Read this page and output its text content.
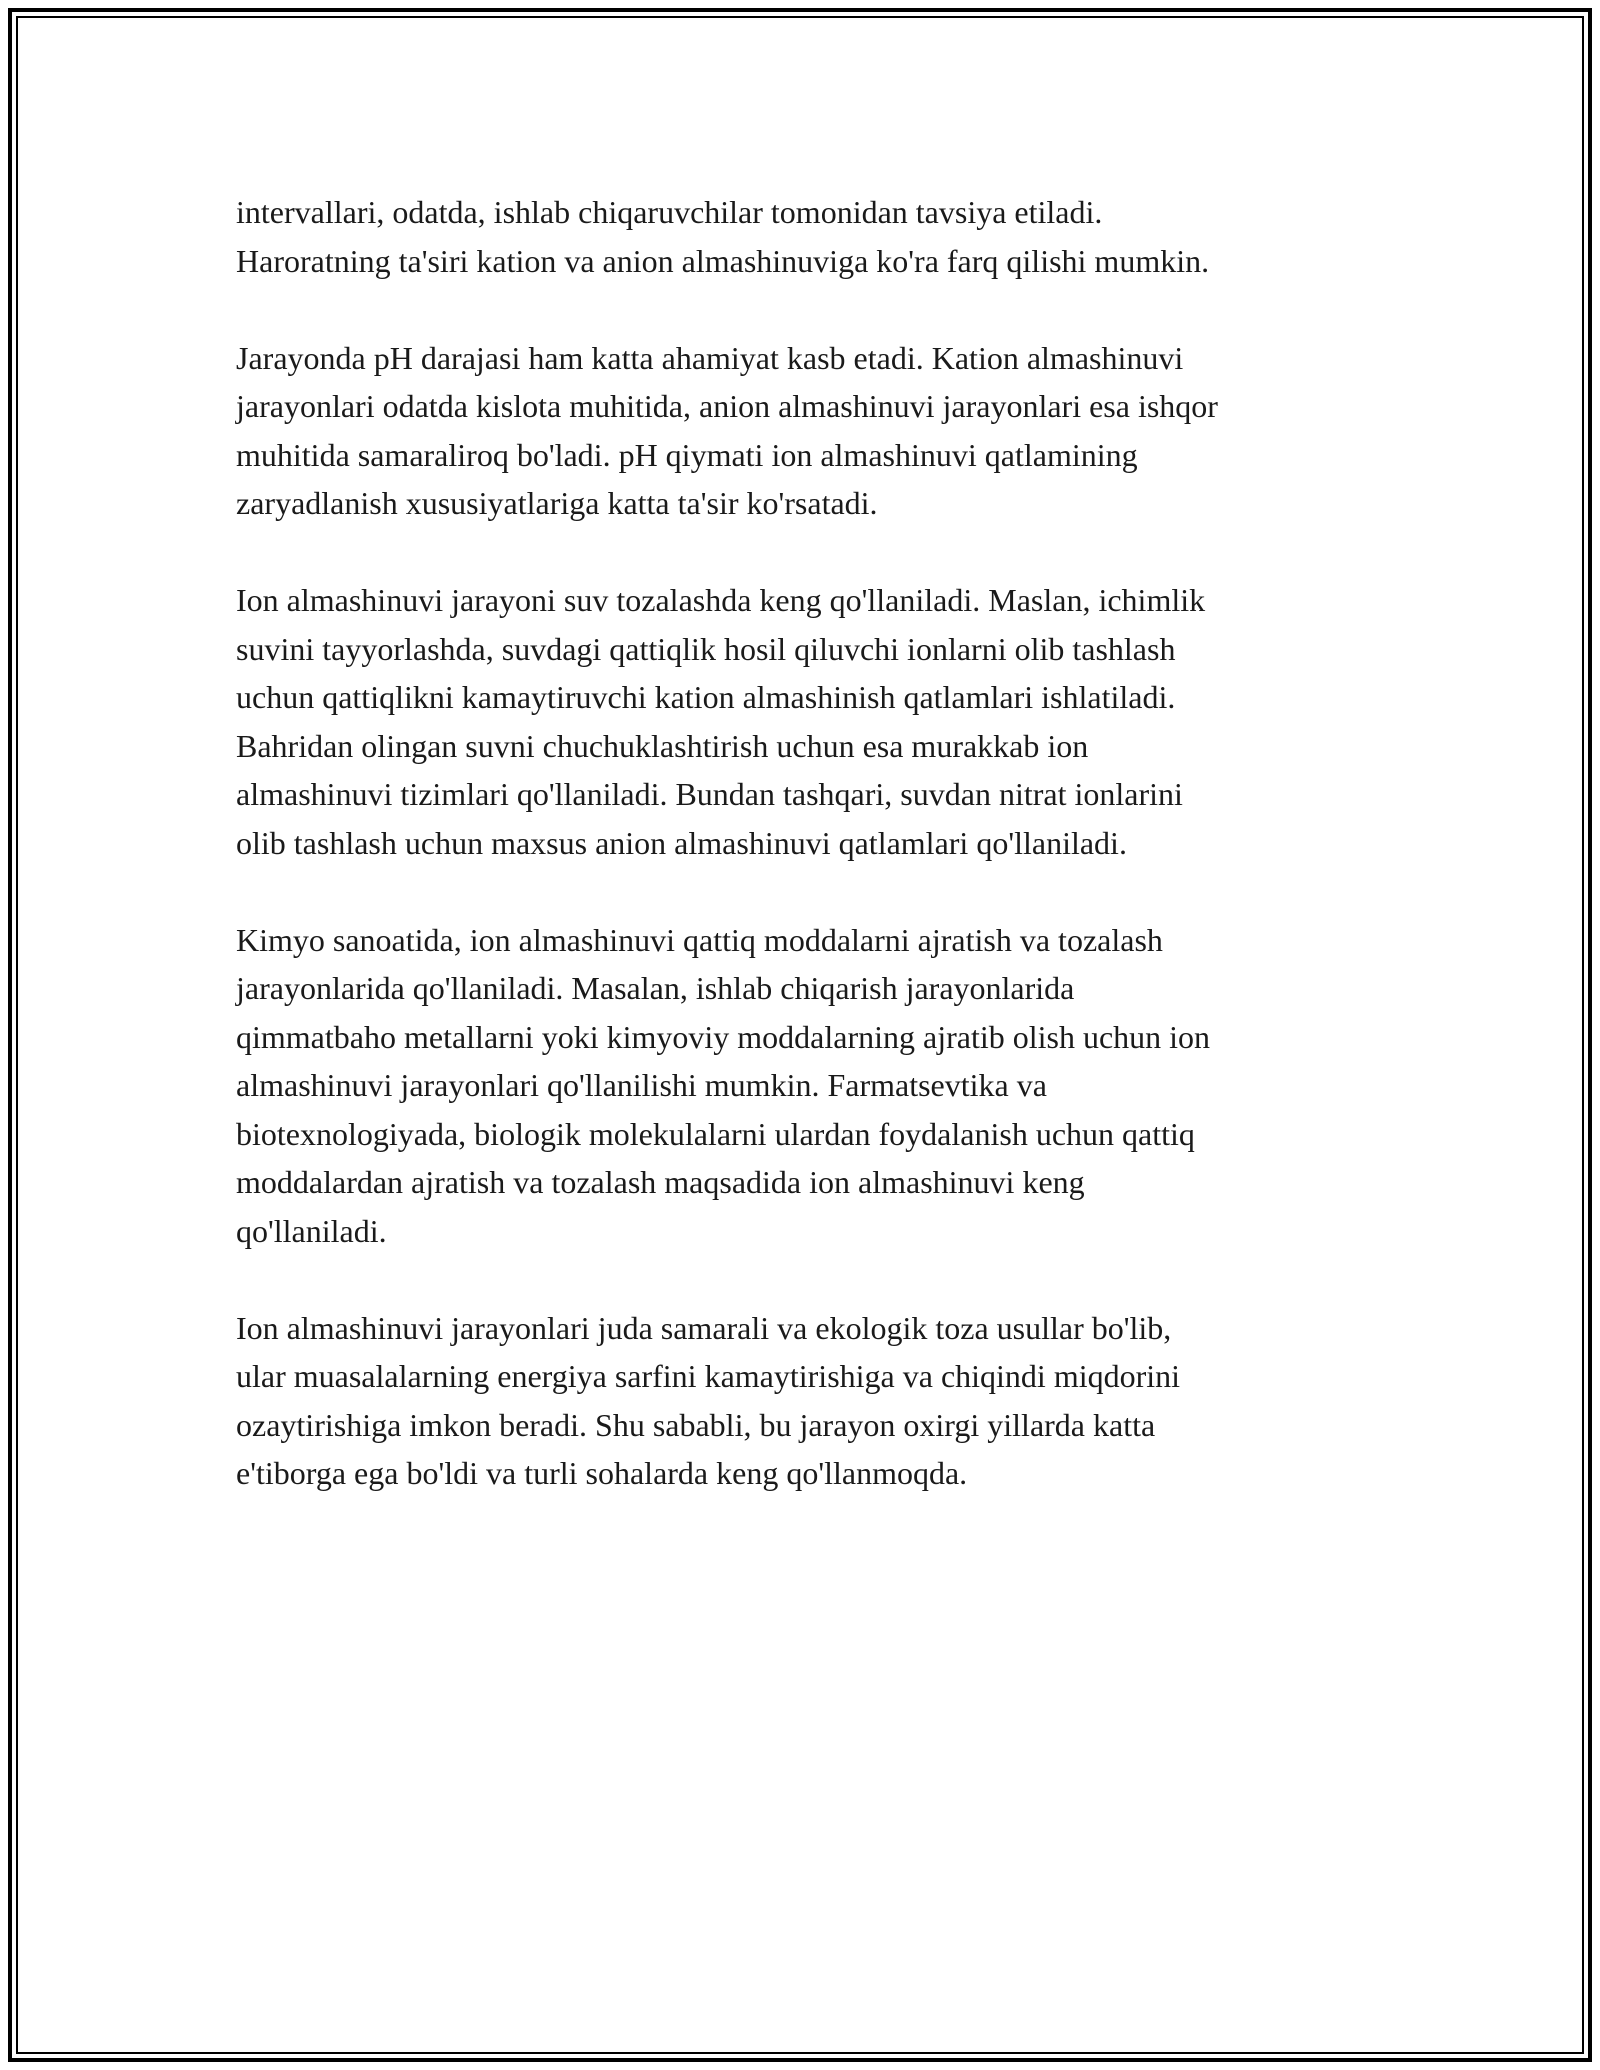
intervallari, odatda, ishlab chiqaruvchilar tomonidan tavsiya etiladi.
Haroratning ta'siri kation va anion almashinuviga ko'ra farq qilishi mumkin.

Jarayonda pH darajasi ham katta ahamiyat kasb etadi. Kation almashinuvi
jarayonlari odatda kislota muhitida, anion almashinuvi jarayonlari esa ishqor
muhitida samaraliroq bo'ladi. pH qiymati ion almashinuvi qatlamining
zaryadlanish xususiyatlariga katta ta'sir ko'rsatadi.

Ion almashinuvi jarayoni suv tozalashda keng qo'llaniladi. Maslan, ichimlik
suvini tayyorlashda, suvdagi qattiqlik hosil qiluvchi ionlarni olib tashlash
uchun qattiqlikni kamaytiruvchi kation almashinish qatlamlari ishlatiladi.
Bahridan olingan suvni chuchuklashtirish uchun esa murakkab ion
almashinuvi tizimlari qo'llaniladi. Bundan tashqari, suvdan nitrat ionlarini
olib tashlash uchun maxsus anion almashinuvi qatlamlari qo'llaniladi.

Kimyo sanoatida, ion almashinuvi qattiq moddalarni ajratish va tozalash
jarayonlarida qo'llaniladi. Masalan, ishlab chiqarish jarayonlarida
qimmatbaho metallarni yoki kimyoviy moddalarning ajratib olish uchun ion
almashinuvi jarayonlari qo'llanilishi mumkin. Farmatsevtika va
biotexnologiyada, biologik molekulalarni ulardan foydalanish uchun qattiq
moddalardan ajratish va tozalash maqsadida ion almashinuvi keng
qo'llaniladi.

Ion almashinuvi jarayonlari juda samarali va ekologik toza usullar bo'lib,
ular muasalalarning energiya sarfini kamaytirishiga va chiqindi miqdorini
ozaytirishiga imkon beradi. Shu sababli, bu jarayon oxirgi yillarda katta
e'tiborga ega bo'ldi va turli sohalarda keng qo'llanmoqda.
